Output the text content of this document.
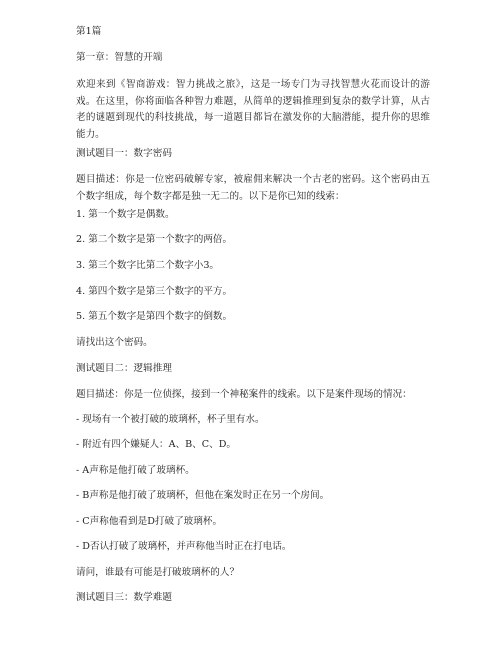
第1篇
第一章：智慧的开端
欢迎来到《智商游戏：智力挑战之旅》，这是一场专门为寻找智慧火花而设计的游戏。在这里，你将面临各种智力难题，从简单的逻辑推理到复杂的数学计算，从古老的谜题到现代的科技挑战，每一道题目都旨在激发你的大脑潜能，提升你的思维能力。
测试题目一：数字密码
题目描述：你是一位密码破解专家，被雇佣来解决一个古老的密码。这个密码由五个数字组成，每个数字都是独一无二的。以下是你已知的线索：
1. 第一个数字是偶数。
2. 第二个数字是第一个数字的两倍。
3. 第三个数字比第二个数字小3。
4. 第四个数字是第三个数字的平方。
5. 第五个数字是第四个数字的倒数。
请找出这个密码。
测试题目二：逻辑推理
题目描述：你是一位侦探，接到一个神秘案件的线索。以下是案件现场的情况：
- 现场有一个被打破的玻璃杯，杯子里有水。
- 附近有四个嫌疑人：A、B、C、D。
- A声称是他打破了玻璃杯。
- B声称是他打破了玻璃杯，但他在案发时正在另一个房间。
- C声称他看到是D打破了玻璃杯。
- D否认打破了玻璃杯，并声称他当时正在打电话。
请问，谁最有可能是打破玻璃杯的人？
测试题目三：数学难题
